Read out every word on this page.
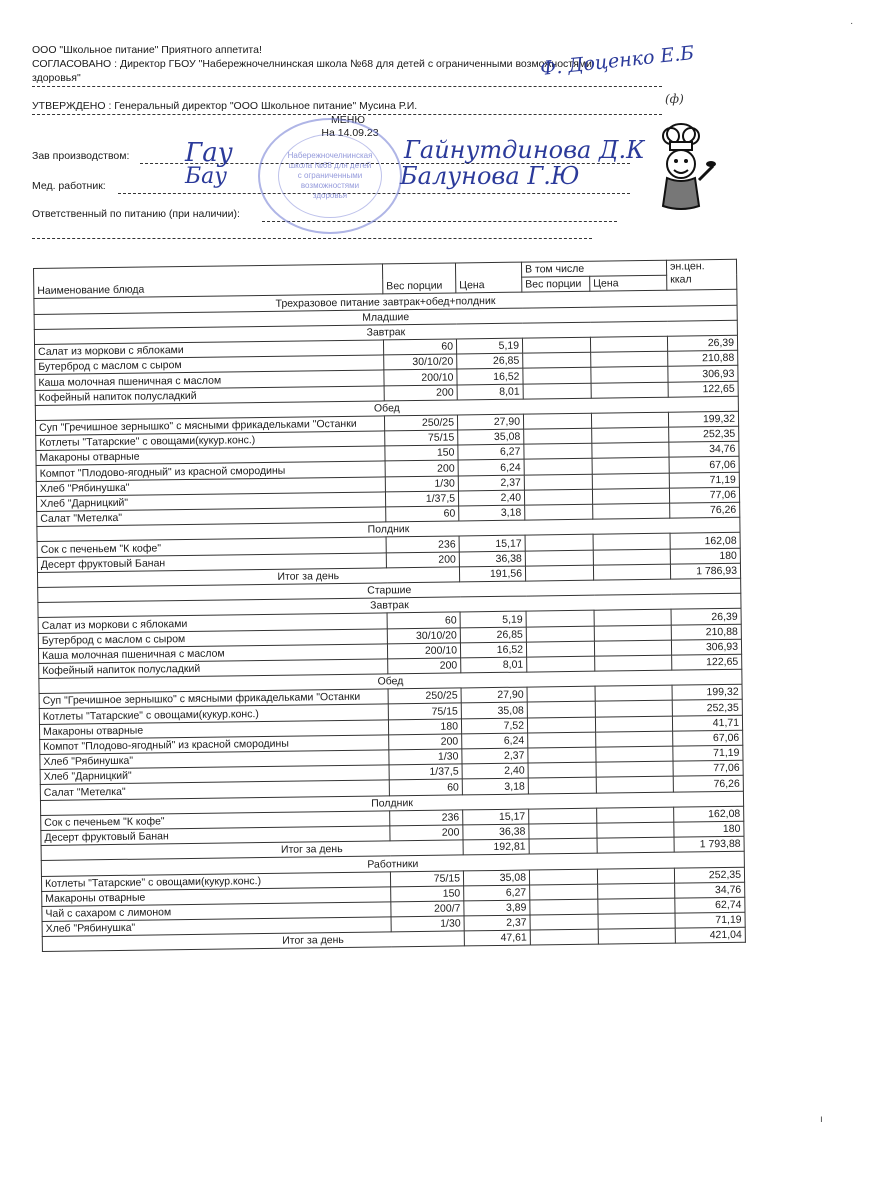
ООО "Школьное питание" Приятного аппетита!
СОГЛАСОВАНО : Директор ГБОУ "Набережночелнинская школа №68 для детей с ограниченными возможностями
здоровья"
УТВЕРЖДЕНО : Генеральный директор "ООО Школьное питание" Мусина Р.И.
МЕНЮ
На 14.09.23
Зав производством:
Мед. работник:
Ответственный по питанию (при наличии):
Набережночелнинская
школа №68 для детей
с ограниченными
возможностями
здоровья
Ф. Доценко Е.Б
Гайнутдинова Д.К
Балунова Г.Ю
Гау
Бау
(ф)
·
ı
Наименование блюда	Вес порции	Цена	В том числе		эн.цен.
ккал
			Вес порции	Цена	
Трехразовое питание завтрак+обед+полдник					
Младшие					
Завтрак					
Салат из моркови с яблоками	60	5,19			26,39
Бутерброд с маслом с сыром	30/10/20	26,85			210,88
Каша молочная пшеничная с маслом	200/10	16,52			306,93
Кофейный напиток полусладкий	200	8,01			122,65
Обед					
Суп "Гречишное зернышко" с мясными фрикадельками "Останки	250/25	27,90			199,32
Котлеты "Татарские" с овощами(кукур.конс.)	75/15	35,08			252,35
Макароны отварные	150	6,27			34,76
Компот "Плодово-ягодный" из красной смородины	200	6,24			67,06
Хлеб "Рябинушка"	1/30	2,37			71,19
Хлеб "Дарницкий"	1/37,5	2,40			77,06
Салат "Метелка"	60	3,18			76,26
Полдник					
Сок с печеньем "К кофе"	236	15,17			162,08
Десерт фруктовый Банан	200	36,38			180
Итог за день		191,56			1 786,93
Старшие					
Завтрак					
Салат из моркови с яблоками	60	5,19			26,39
Бутерброд с маслом с сыром	30/10/20	26,85			210,88
Каша молочная пшеничная с маслом	200/10	16,52			306,93
Кофейный напиток полусладкий	200	8,01			122,65
Обед					
Суп "Гречишное зернышко" с мясными фрикадельками "Останки	250/25	27,90			199,32
Котлеты "Татарские" с овощами(кукур.конс.)	75/15	35,08			252,35
Макароны отварные	180	7,52			41,71
Компот "Плодово-ягодный" из красной смородины	200	6,24			67,06
Хлеб "Рябинушка"	1/30	2,37			71,19
Хлеб "Дарницкий"	1/37,5	2,40			77,06
Салат "Метелка"	60	3,18			76,26
Полдник					
Сок с печеньем "К кофе"	236	15,17			162,08
Десерт фруктовый Банан	200	36,38			180
Итог за день		192,81			1 793,88
Работники					
Котлеты "Татарские" с овощами(кукур.конс.)	75/15	35,08			252,35
Макароны отварные	150	6,27			34,76
Чай с сахаром с лимоном	200/7	3,89			62,74
Хлеб "Рябинушка"	1/30	2,37			71,19
Итог за день		47,61			421,04
